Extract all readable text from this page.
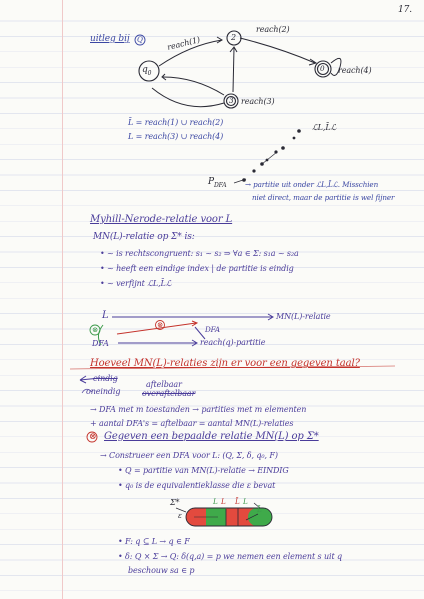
17.
uitleg bij Q
$q_0$
2
3
0
reach(1)
reach(2)
reach(3)
reach(4)
L̄ = reach(1) ∪ reach(2)
L = reach(3) ∪ reach(4)
ℒL,L̄ℒ
$P_{DFA}$	→ partitie uit onder ℒL,L̄ℒ. Misschien
niet direct, maar de partitie is wel fijner
Myhill-Nerode-relatie voor L
MN(L)-relatie op Σ* is:
• ~ is rechtscongruent: s₁ ~ s₂ ⇒ ∀a ∈ Σ: s₁a ~ s₂a
• ~ heeft een eindige index | de partitie is eindig
• ~ verfijnt ℒL,L̄ℒ
L	MN(L)-relatie
DFA
DFA	reach(q)-partitie
⊗
⊗
Hoeveel MN(L)-relaties zijn er voor een gegeven taal?
eindig
oneindig
aftelbaar
overaftelbaar
→ DFA met m toestanden → partities met m elementen
+ aantal DFA's = aftelbaar = aantal MN(L)-relaties
⊗ Gegeven een bepaalde relatie MN(L) op Σ*
→ Construeer een DFA voor L: (Q, Σ, δ, q₀, F)
• Q = partitie van MN(L)-relatie → EINDIG
• q₀ is de equivalentieklasse die ε bevat
• F: q ⊆ L → q ∈ F
• δ: Q × Σ → Q: δ(q,a) = p we nemen een element s uit q
beschouw sa ∈ p
Σ*
ε
L L L̄ L
L̄
